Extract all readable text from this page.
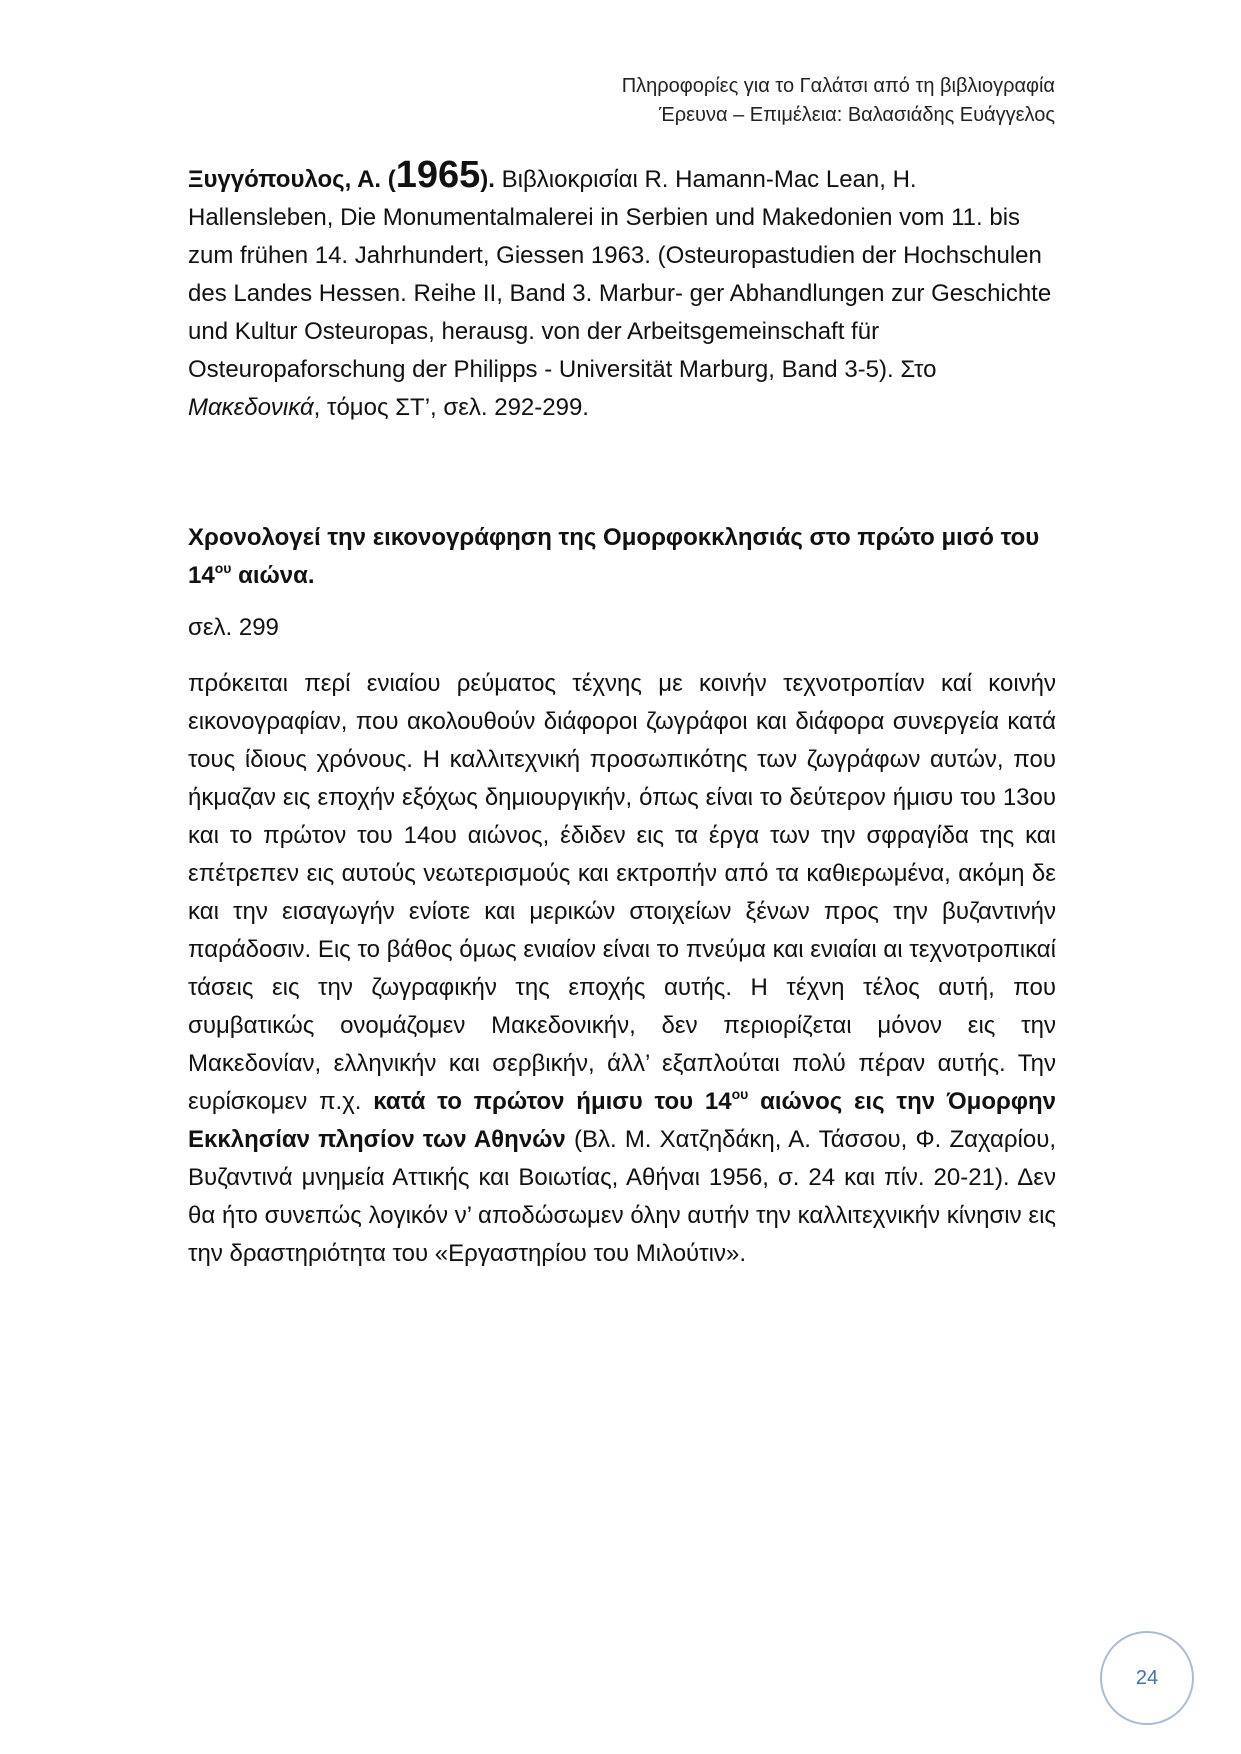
Πληροφορίες για το Γαλάτσι από τη βιβλιογραφία
Έρευνα – Επιμέλεια: Βαλασιάδης Ευάγγελος

Ξυγγόπουλος, Α. (1965). Βιβλιοκρισίαι R. Hamann-Mac Lean, H. Hallensleben, Die Monumentalmalerei in Serbien und Makedonien vom 11. bis zum frühen 14. Jahrhundert, Giessen 1963. (Osteuropastudien der Hochschulen des Landes Hessen. Reihe II, Band 3. Marbur- ger Abhandlungen zur Geschichte und Kultur Osteuropas, herausg. von der Arbeitsgemeinschaft für Osteuropaforschung der Philipps - Universität Marburg, Band 3-5). Στο Μακεδονικά, τόμος ΣΤ’, σελ. 292-299.

Χρονολογεί την εικονογράφηση της Ομορφοκκλησιάς στο πρώτο μισό του $14^{o\upsilon}$ αιώνα.

σελ. 299

πρόκειται περί ενιαίου ρεύματος τέχνης με κοινήν τεχνοτροπίαν καί κοινήν εικονογραφίαν, που ακολουθούν διάφοροι ζωγράφοι και διάφορα συνεργεία κατά τους ίδιους χρόνους. Η καλλιτεχνική προσωπικότης των ζωγράφων αυτών, που ήκμαζαν εις εποχήν εξόχως δημιουργικήν, όπως είναι το δεύτερον ήμισυ του 13ου και το πρώτον του 14ου αιώνος, έδιδεν εις τα έργα των την σφραγίδα της και επέτρεπεν εις αυτούς νεωτερισμούς και εκτροπήν από τα καθιερωμένα, ακόμη δε και την εισαγωγήν ενίοτε και μερικών στοιχείων ξένων προς την βυζαντινήν παράδοσιν. Εις το βάθος όμως ενιαίον είναι το πνεύμα και ενιαίαι αι τεχνοτροπικαί τάσεις εις την ζωγραφικήν της εποχής αυτής. Η τέχνη τέλος αυτή, που συμβατικώς ονομάζομεν Μακεδονικήν, δεν περιορίζεται μόνον εις την Μακεδονίαν, ελληνικήν και σερβικήν, άλλ’ εξαπλούται πολύ πέραν αυτής. Την ευρίσκομεν π.χ. κατά το πρώτον ήμισυ του $14^{o\upsilon}$ αιώνος εις την Όμορφην Εκκλησίαν πλησίον των Αθηνών (Βλ. Μ. Χατζηδάκη, Α. Τάσσου, Φ. Ζαχαρίου, Βυζαντινά μνημεία Αττικής και Βοιωτίας, Αθήναι 1956, σ. 24 και πίν. 20-21). Δεν θα ήτο συνεπώς λογικόν ν’ αποδώσωμεν όλην αυτήν την καλλιτεχνικήν κίνησιν εις την δραστηριότητα του «Εργαστηρίου του Μιλούτιν».

24
